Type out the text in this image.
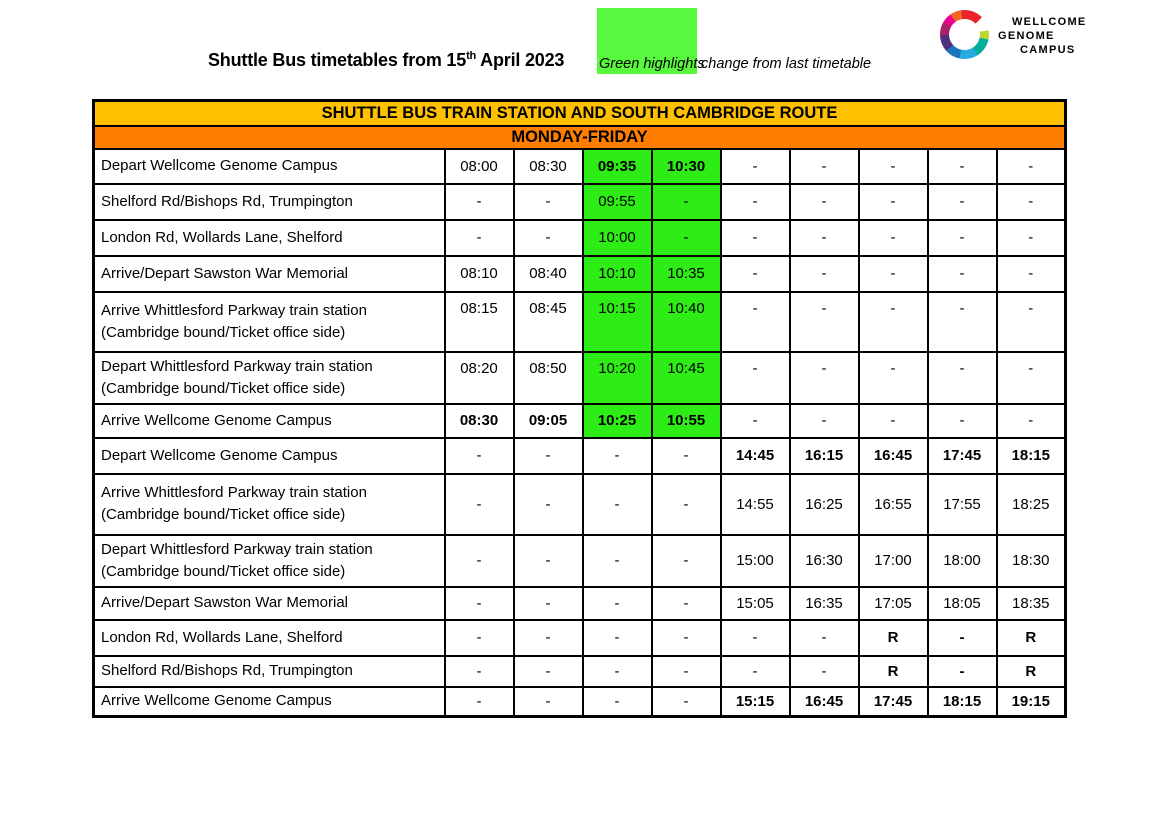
Shuttle Bus timetables from 15th April 2023 Green highlights
change from last timetable
WELLCOME
GENOME
CAMPUS
SHUTTLE BUS TRAIN STATION AND SOUTH CAMBRIDGE ROUTE									
MONDAY-FRIDAY									

Depart Wellcome Genome Campus	08:00	08:30	09:35	10:30	-	-	-	-	-

Shelford Rd/Bishops Rd, Trumpington	-	-	09:55	-	-	-	-	-	-

London Rd, Wollards Lane, Shelford	-	-	10:00	-	-	-	-	-	-

Arrive/Depart Sawston War Memorial	08:10	08:40	10:10	10:35	-	-	-	-	-

Arrive Whittlesford Parkway train station
(Cambridge bound/Ticket office side)	08:15	08:45	10:15	10:40	-	-	-	-	-

Depart Whittlesford Parkway train station
(Cambridge bound/Ticket office side)	08:20	08:50	10:20	10:45	-	-	-	-	-

Arrive Wellcome Genome Campus	08:30	09:05	10:25	10:55	-	-	-	-	-

Depart Wellcome Genome Campus	-	-	-	-	14:45	16:15	16:45	17:45	18:15

Arrive Whittlesford Parkway train station
(Cambridge bound/Ticket office side)	-	-	-	-	14:55	16:25	16:55	17:55	18:25

Depart Whittlesford Parkway train station
(Cambridge bound/Ticket office side)	-	-	-	-	15:00	16:30	17:00	18:00	18:30

Arrive/Depart Sawston War Memorial	-	-	-	-	15:05	16:35	17:05	18:05	18:35

London Rd, Wollards Lane, Shelford	-	-	-	-	-	-	R	-	R

Shelford Rd/Bishops Rd, Trumpington	-	-	-	-	-	-	R	-	R

Arrive Wellcome Genome Campus	-	-	-	-	15:15	16:45	17:45	18:15	19:15
